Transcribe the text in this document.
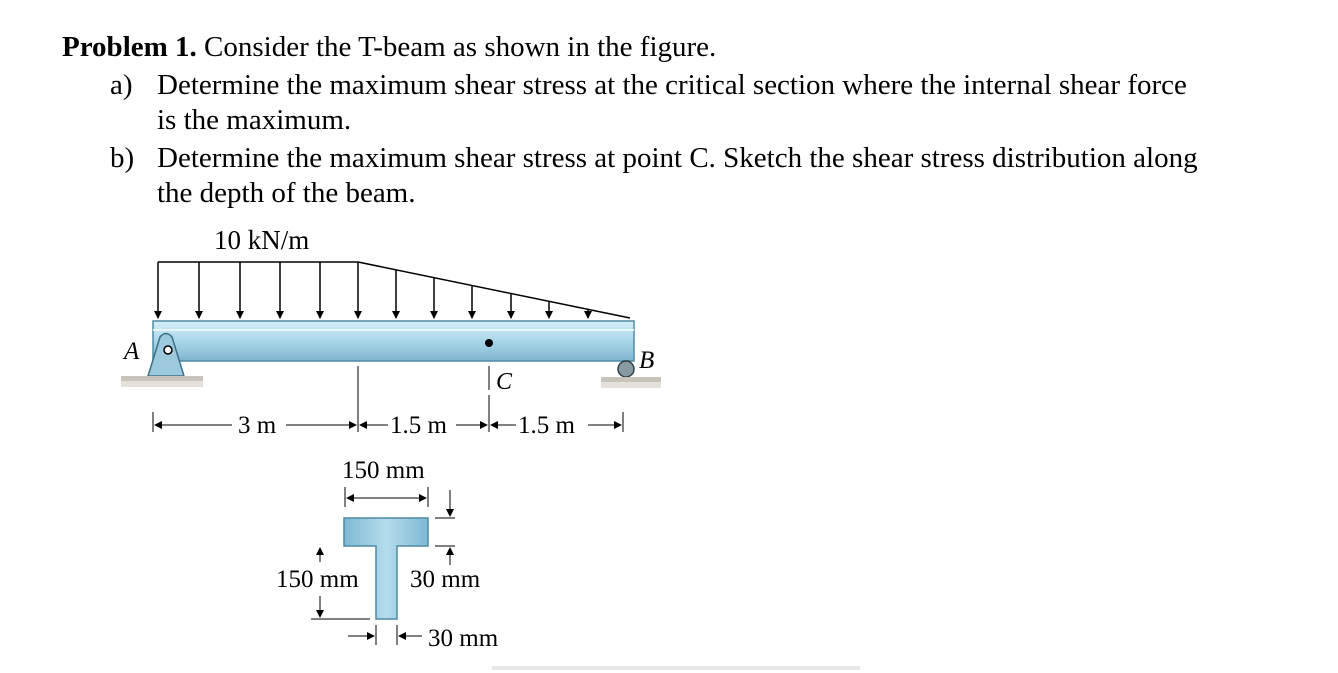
Problem 1. Consider the T-beam as shown in the figure.

a) Determine the maximum shear stress at the critical section where the internal shear force
is the maximum.
b) Determine the maximum shear stress at point C. Sketch the shear stress distribution along
the depth of the beam.
10 kN/m
C
A	B
3 m	1.5 m	1.5 m
150 mm
150 mm 30 mm
30 mm
